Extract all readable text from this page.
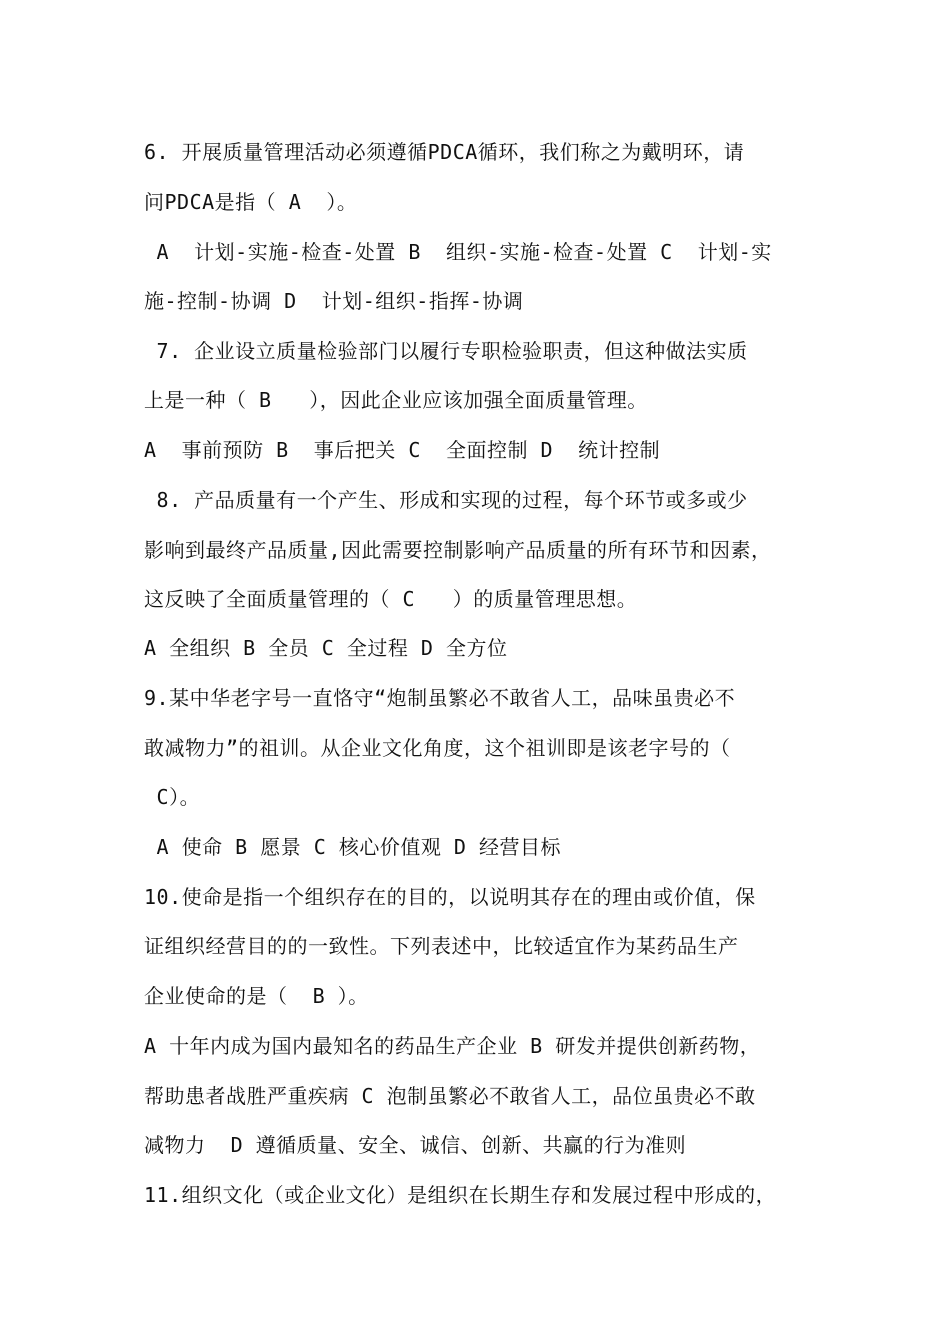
6. 开展质量管理活动必须遵循PDCA循环，我们称之为戴明环，请
问PDCA是指（ A  ）。
A  计划-实施-检查-处置 B  组织-实施-检查-处置 C  计划-实
施-控制-协调 D  计划-组织-指挥-协调
7. 企业设立质量检验部门以履行专职检验职责，但这种做法实质
上是一种（ B   ），因此企业应该加强全面质量管理。
A  事前预防 B  事后把关 C  全面控制 D  统计控制
8. 产品质量有一个产生、形成和实现的过程，每个环节或多或少
影响到最终产品质量,因此需要控制影响产品质量的所有环节和因素，
这反映了全面质量管理的（ C   ）的质量管理思想。
A 全组织 B 全员 C 全过程 D 全方位
9.某中华老字号一直恪守“炮制虽繁必不敢省人工，品味虽贵必不
敢减物力”的祖训。从企业文化角度，这个祖训即是该老字号的（
C）。
A 使命 B 愿景 C 核心价值观 D 经营目标
10.使命是指一个组织存在的目的，以说明其存在的理由或价值，保
证组织经营目的的一致性。下列表述中，比较适宜作为某药品生产
企业使命的是（  B ）。
A 十年内成为国内最知名的药品生产企业 B 研发并提供创新药物，
帮助患者战胜严重疾病 C 泡制虽繁必不敢省人工，品位虽贵必不敢
减物力  D 遵循质量、安全、诚信、创新、共赢的行为准则
11.组织文化（或企业文化）是组织在长期生存和发展过程中形成的，
